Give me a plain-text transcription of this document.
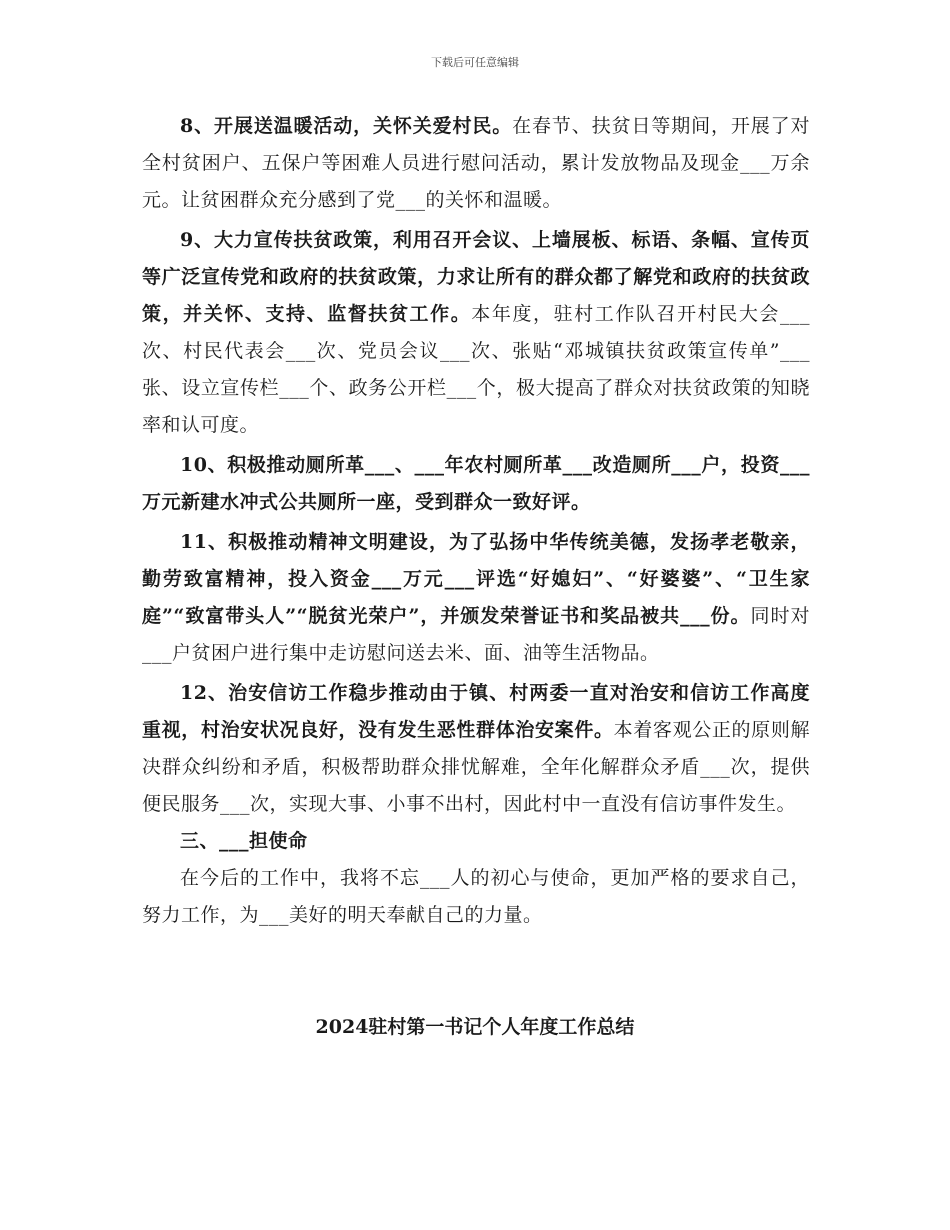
下载后可任意编辑

8、开展送温暖活动，关怀关爱村民。在春节、扶贫日等期间，开展了对全村贫困户、五保户等困难人员进行慰问活动，累计发放物品及现金___万余元。让贫困群众充分感到了党___的关怀和温暖。

9、大力宣传扶贫政策，利用召开会议、上墙展板、标语、条幅、宣传页等广泛宣传党和政府的扶贫政策，力求让所有的群众都了解党和政府的扶贫政策，并关怀、支持、监督扶贫工作。本年度，驻村工作队召开村民大会___次、村民代表会___次、党员会议___次、张贴“邓城镇扶贫政策宣传单”___张、设立宣传栏___个、政务公开栏___个，极大提高了群众对扶贫政策的知晓率和认可度。

10、积极推动厕所革___、___年农村厕所革___改造厕所___户，投资___万元新建水冲式公共厕所一座，受到群众一致好评。

11、积极推动精神文明建设，为了弘扬中华传统美德，发扬孝老敬亲，勤劳致富精神，投入资金___万元___评选“好媳妇”、“好婆婆”、“卫生家庭”“致富带头人”“脱贫光荣户”，并颁发荣誉证书和奖品被共___份。同时对___户贫困户进行集中走访慰问送去米、面、油等生活物品。

12、治安信访工作稳步推动由于镇、村两委一直对治安和信访工作高度重视，村治安状况良好，没有发生恶性群体治安案件。本着客观公正的原则解决群众纠纷和矛盾，积极帮助群众排忧解难，全年化解群众矛盾___次，提供便民服务___次，实现大事、小事不出村，因此村中一直没有信访事件发生。

三、___担使命

在今后的工作中，我将不忘___人的初心与使命，更加严格的要求自己，努力工作，为___美好的明天奉献自己的力量。

2024驻村第一书记个人年度工作总结
